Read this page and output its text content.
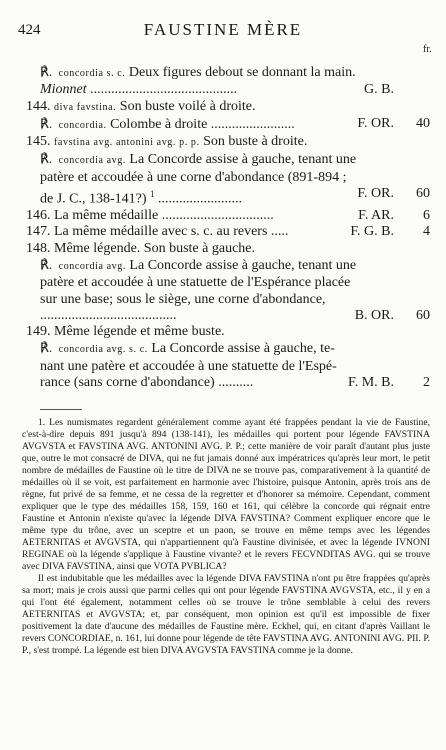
424	FAUSTINE MÈRE
fr.
℟. concordia s. c. Deux figures debout se donnant la main.
Mionnet ..........................................	G. B.
144. diva favstina. Son buste voilé à droite.
℟. concordia. Colombe à droite ........................	F. OR. 40
145. favstina avg. antonini avg. p. p. Son buste à droite.
℟. concordia avg. La Concorde assise à gauche, tenant une
patère et accoudée à une corne d'abondance (891-894 ;
de J. C., 138-141?) $^1$ ........................	F. OR. 60
146. La même médaille ................................	F. AR. 6
147. La même médaille avec s. c. au revers .....	F. G. B. 4
148. Même légende. Son buste à gauche.
℟. concordia avg. La Concorde assise à gauche, tenant une
patère et accoudée à une statuette de l'Espérance placée
sur une base; sous le siège, une corne d'abondance,
.......................................	B. OR. 60
149. Même légende et même buste.
℟. concordia avg. s. c. La Concorde assise à gauche, te-
nant une patère et accoudée à une statuette de l'Espé-
rance (sans corne d'abondance) ..........	F. M. B. 2

1. Les numismates regardent généralement comme ayant été frappées pendant la vie de Faustine, c'est-à-dire depuis 891 jusqu'à 894 (138-141), les médailles qui portent pour légende FAVSTINA AVGVSTA et FAVSTINA AVG. ANTONINI AVG. P. P.; cette manière de voir paraît d'autant plus juste que, outre le mot consacré de DIVA, qui ne fut jamais donné aux impératrices qu'après leur mort, le petit nombre de médailles de Faustine où le titre de DIVA ne se trouve pas, comparativement à la quantité de médailles où il se voit, est parfaitement en harmonie avec l'histoire, puisque Antonin, après trois ans de règne, fut privé de sa femme, et ne cessa de la regretter et d'honorer sa mémoire. Cependant, comment expliquer que le type des médailles 158, 159, 160 et 161, qui célèbre la concorde qui régnait entre Faustine et Antonin n'existe qu'avec la légende DIVA FAVSTINA? Comment expliquer encore que le même type du trône, avec un sceptre et un paon, se trouve en même temps avec les légendes AETERNITAS et AVGVSTA, qui n'appartiennent qu'à Faustine divinisée, et avec la légende IVNONI REGINAE où la légende s'applique à Faustine vivante? et le revers FECVNDITAS AVG. qui se trouve avec DIVA FAVSTINA, ainsi que VOTA PVBLICA?

Il est indubitable que les médailles avec la légende DIVA FAVSTINA n'ont pu être frappées qu'après sa mort; mais je crois aussi que parmi celles qui ont pour légende FAVSTINA AVGVSTA, etc., il y en a qui l'ont été également, notamment celles où se trouve le trône semblable à celui des revers AETERNITAS et AVGVSTA; et, par conséquent, mon opinion est qu'il est impossible de fixer positivement la date d'aucune des médailles de Faustine mère. Eckhel, qui, en citant d'après Vaillant le revers CONCORDIAE, n. 161, lui donne pour légende de tête FAVSTINA AVG. ANTONINI AVG. PII. P. P., s'est trompé. La légende est bien DIVA AVGVSTA FAVSTINA comme je la donne.
